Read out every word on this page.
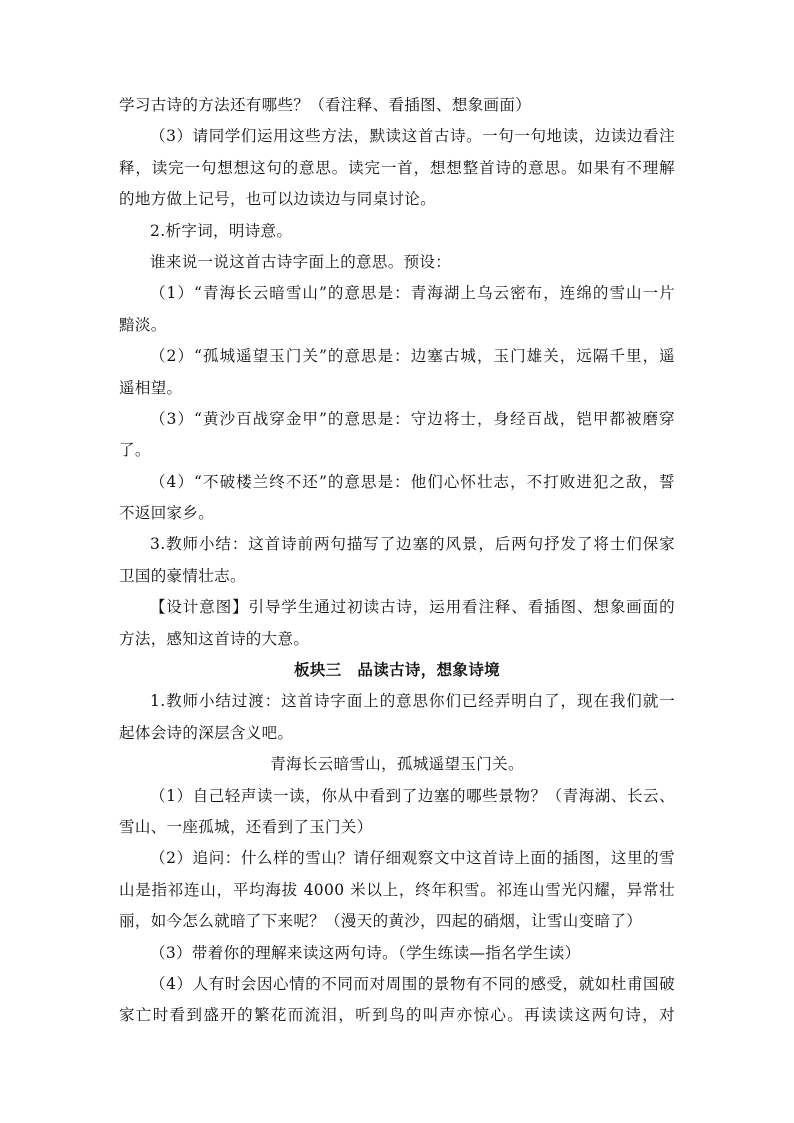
学习古诗的方法还有哪些？（看注释、看插图、想象画面）
（3）请同学们运用这些方法，默读这首古诗。一句一句地读，边读边看注
释，读完一句想想这句的意思。读完一首，想想整首诗的意思。如果有不理解
的地方做上记号，也可以边读边与同桌讨论。
2.析字词，明诗意。
谁来说一说这首古诗字面上的意思。预设：
（1）“青海长云暗雪山”的意思是：青海湖上乌云密布，连绵的雪山一片
黯淡。
（2）“孤城遥望玉门关”的意思是：边塞古城，玉门雄关，远隔千里，遥
遥相望。
（3）“黄沙百战穿金甲”的意思是：守边将士，身经百战，铠甲都被磨穿
了。
（4）“不破楼兰终不还”的意思是：他们心怀壮志，不打败进犯之敌，誓
不返回家乡。
3.教师小结：这首诗前两句描写了边塞的风景，后两句抒发了将士们保家
卫国的豪情壮志。
【设计意图】引导学生通过初读古诗，运用看注释、看插图、想象画面的
方法，感知这首诗的大意。
板块三　品读古诗，想象诗境
1.教师小结过渡：这首诗字面上的意思你们已经弄明白了，现在我们就一
起体会诗的深层含义吧。
青海长云暗雪山，孤城遥望玉门关。
（1）自己轻声读一读，你从中看到了边塞的哪些景物？（青海湖、长云、
雪山、一座孤城，还看到了玉门关）
（2）追问：什么样的雪山？请仔细观察文中这首诗上面的插图，这里的雪
山是指祁连山，平均海拔 4000 米以上，终年积雪。祁连山雪光闪耀，异常壮
丽，如今怎么就暗了下来呢？（漫天的黄沙，四起的硝烟，让雪山变暗了）
（3）带着你的理解来读这两句诗。（学生练读—指名学生读）
（4）人有时会因心情的不同而对周围的景物有不同的感受，就如杜甫国破
家亡时看到盛开的繁花而流泪，听到鸟的叫声亦惊心。再读读这两句诗，对
